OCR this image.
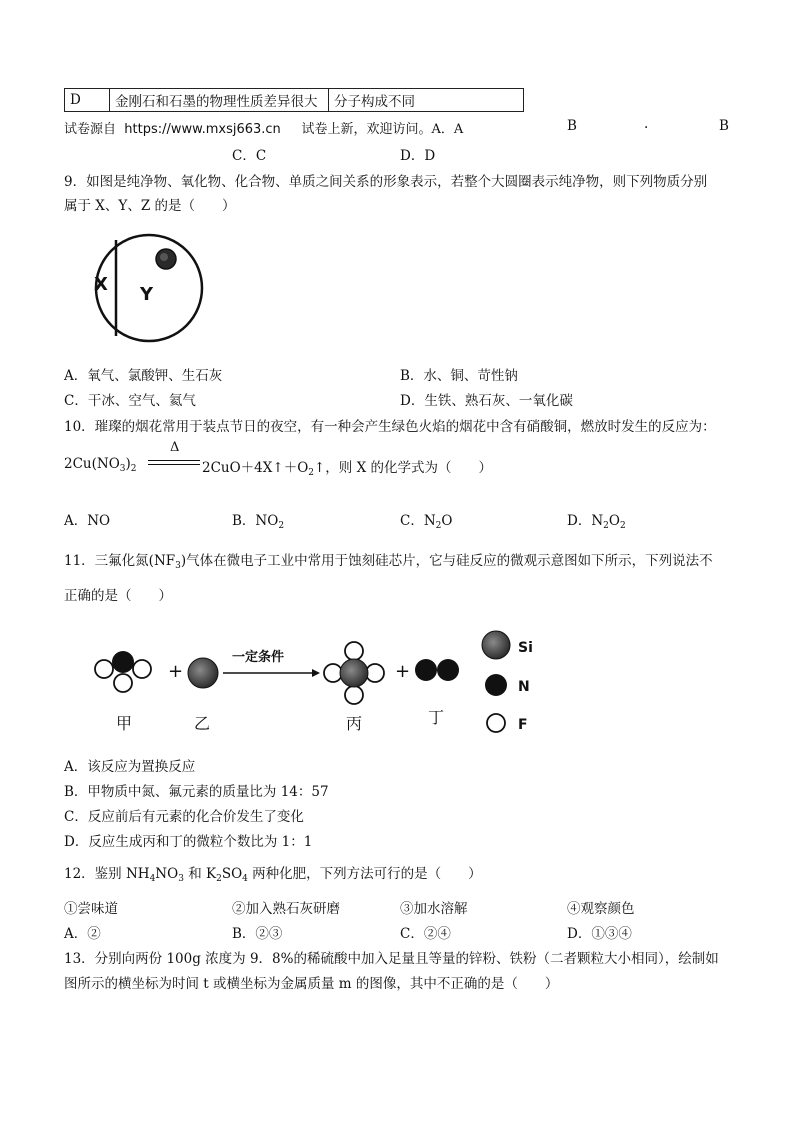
D	金刚石和石墨的物理性质差异很大	分子构成不同
试卷源自 https://www.mxsj663.cn 试卷上新，欢迎访问。A．A	B	.	B
C．C	D．D
9．如图是纯净物、氧化物、化合物、单质之间关系的形象表示，若整个大圆圈表示纯净物，则下列物质分别
属于 X、Y、Z 的是（　　）
X Y
A．氧气、氯酸钾、生石灰	B．水、铜、苛性钠
C．干冰、空气、氦气	D．生铁、熟石灰、一氧化碳
10．璀璨的烟花常用于装点节日的夜空，有一种会产生绿色火焰的烟花中含有硝酸铜，燃放时发生的反应为：
$2Cu(NO_3)_2$
Δ
$2CuO+4X↑+O_2↑$，则 X 的化学式为（　　）
A．NO	B．$NO_2$	C．$N_2O$	D．$N_2O_2$
11．三氟化氮$(NF_3)$气体在微电子工业中常用于蚀刻硅芯片，它与硅反应的微观示意图如下所示，下列说法不
正确的是（　　）
+
一定条件
+
Si
N
F
甲	乙	丙	丁
A．该反应为置换反应
B．甲物质中氮、氟元素的质量比为 14：57
C．反应前后有元素的化合价发生了变化
D．反应生成丙和丁的微粒个数比为 1：1
12．鉴别 $NH_4NO_3$ 和 $K_2SO_4$ 两种化肥，下列方法可行的是（　　）
①尝味道	②加入熟石灰研磨	③加水溶解	④观察颜色
A．②	B．②③	C．②④	D．①③④
13．分别向两份 100g 浓度为 9．8%的稀硫酸中加入足量且等量的锌粉、铁粉（二者颗粒大小相同），绘制如
图所示的横坐标为时间 t 或横坐标为金属质量 m 的图像，其中不正确的是（　　）
